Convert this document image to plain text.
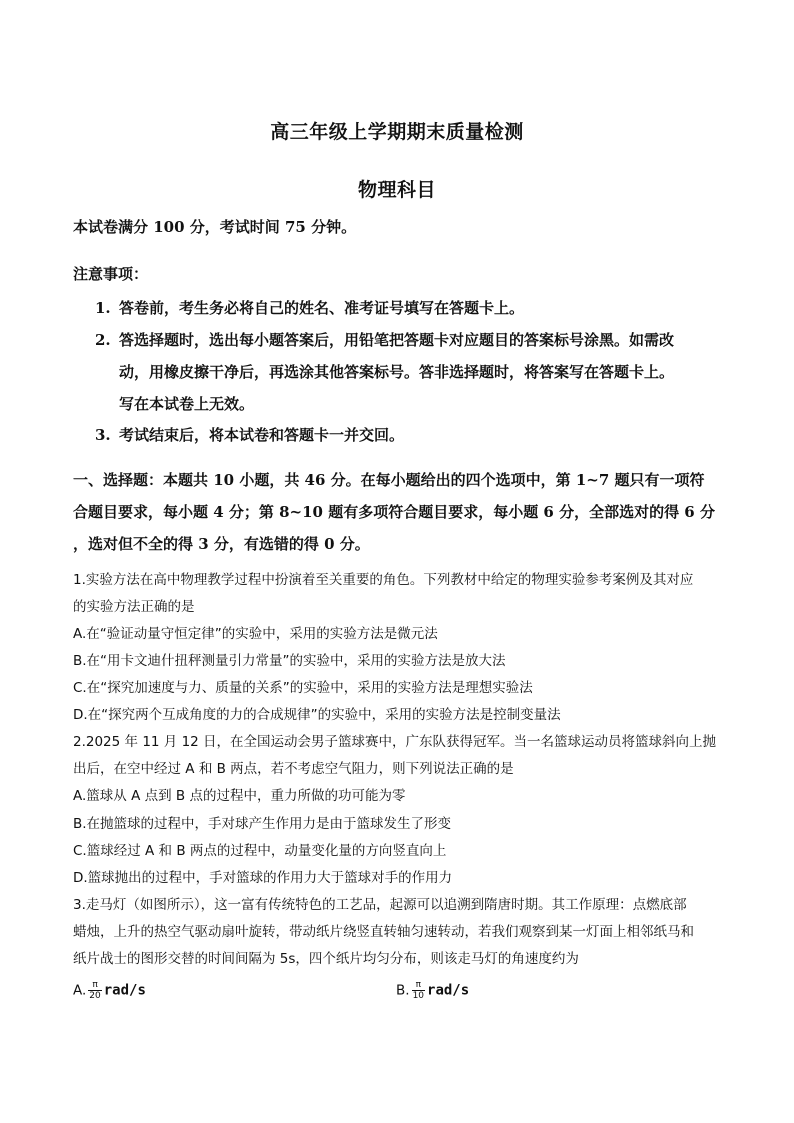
高三年级上学期期末质量检测
物理科目
本试卷满分 100 分，考试时间 75 分钟。
注意事项：
1. 答卷前，考生务必将自己的姓名、准考证号填写在答题卡上。
2. 答选择题时，选出每小题答案后，用铅笔把答题卡对应题目的答案标号涂黑。如需改
动，用橡皮擦干净后，再选涂其他答案标号。答非选择题时，将答案写在答题卡上。
写在本试卷上无效。
3. 考试结束后，将本试卷和答题卡一并交回。
一、选择题：本题共 10 小题，共 46 分。在每小题给出的四个选项中，第 1~7 题只有一项符
合题目要求，每小题 4 分；第 8~10 题有多项符合题目要求，每小题 6 分，全部选对的得 6 分
，选对但不全的得 3 分，有选错的得 0 分。
1.实验方法在高中物理教学过程中扮演着至关重要的角色。下列教材中给定的物理实验参考案例及其对应
的实验方法正确的是
A.在“验证动量守恒定律”的实验中，采用的实验方法是微元法
B.在“用卡文迪什扭秤测量引力常量”的实验中，采用的实验方法是放大法
C.在“探究加速度与力、质量的关系”的实验中，采用的实验方法是理想实验法
D.在“探究两个互成角度的力的合成规律”的实验中，采用的实验方法是控制变量法
2.2025 年 11 月 12 日，在全国运动会男子篮球赛中，广东队获得冠军。当一名篮球运动员将篮球斜向上抛
出后，在空中经过 A 和 B 两点，若不考虑空气阻力，则下列说法正确的是
A.篮球从 A 点到 B 点的过程中，重力所做的功可能为零
B.在抛篮球的过程中，手对球产生作用力是由于篮球发生了形变
C.篮球经过 A 和 B 两点的过程中，动量变化量的方向竖直向上
D.篮球抛出的过程中，手对篮球的作用力大于篮球对手的作用力
3.走马灯（如图所示），这一富有传统特色的工艺品，起源可以追溯到隋唐时期。其工作原理：点燃底部
蜡烛，上升的热空气驱动扇叶旋转，带动纸片绕竖直转轴匀速转动，若我们观察到某一灯面上相邻纸马和
纸片战士的图形交替的时间间隔为 5s，四个纸片均匀分布，则该走马灯的角速度约为
A. $\frac{\pi}{20} rad/s$	B. $\frac{\pi}{10} rad/s$
